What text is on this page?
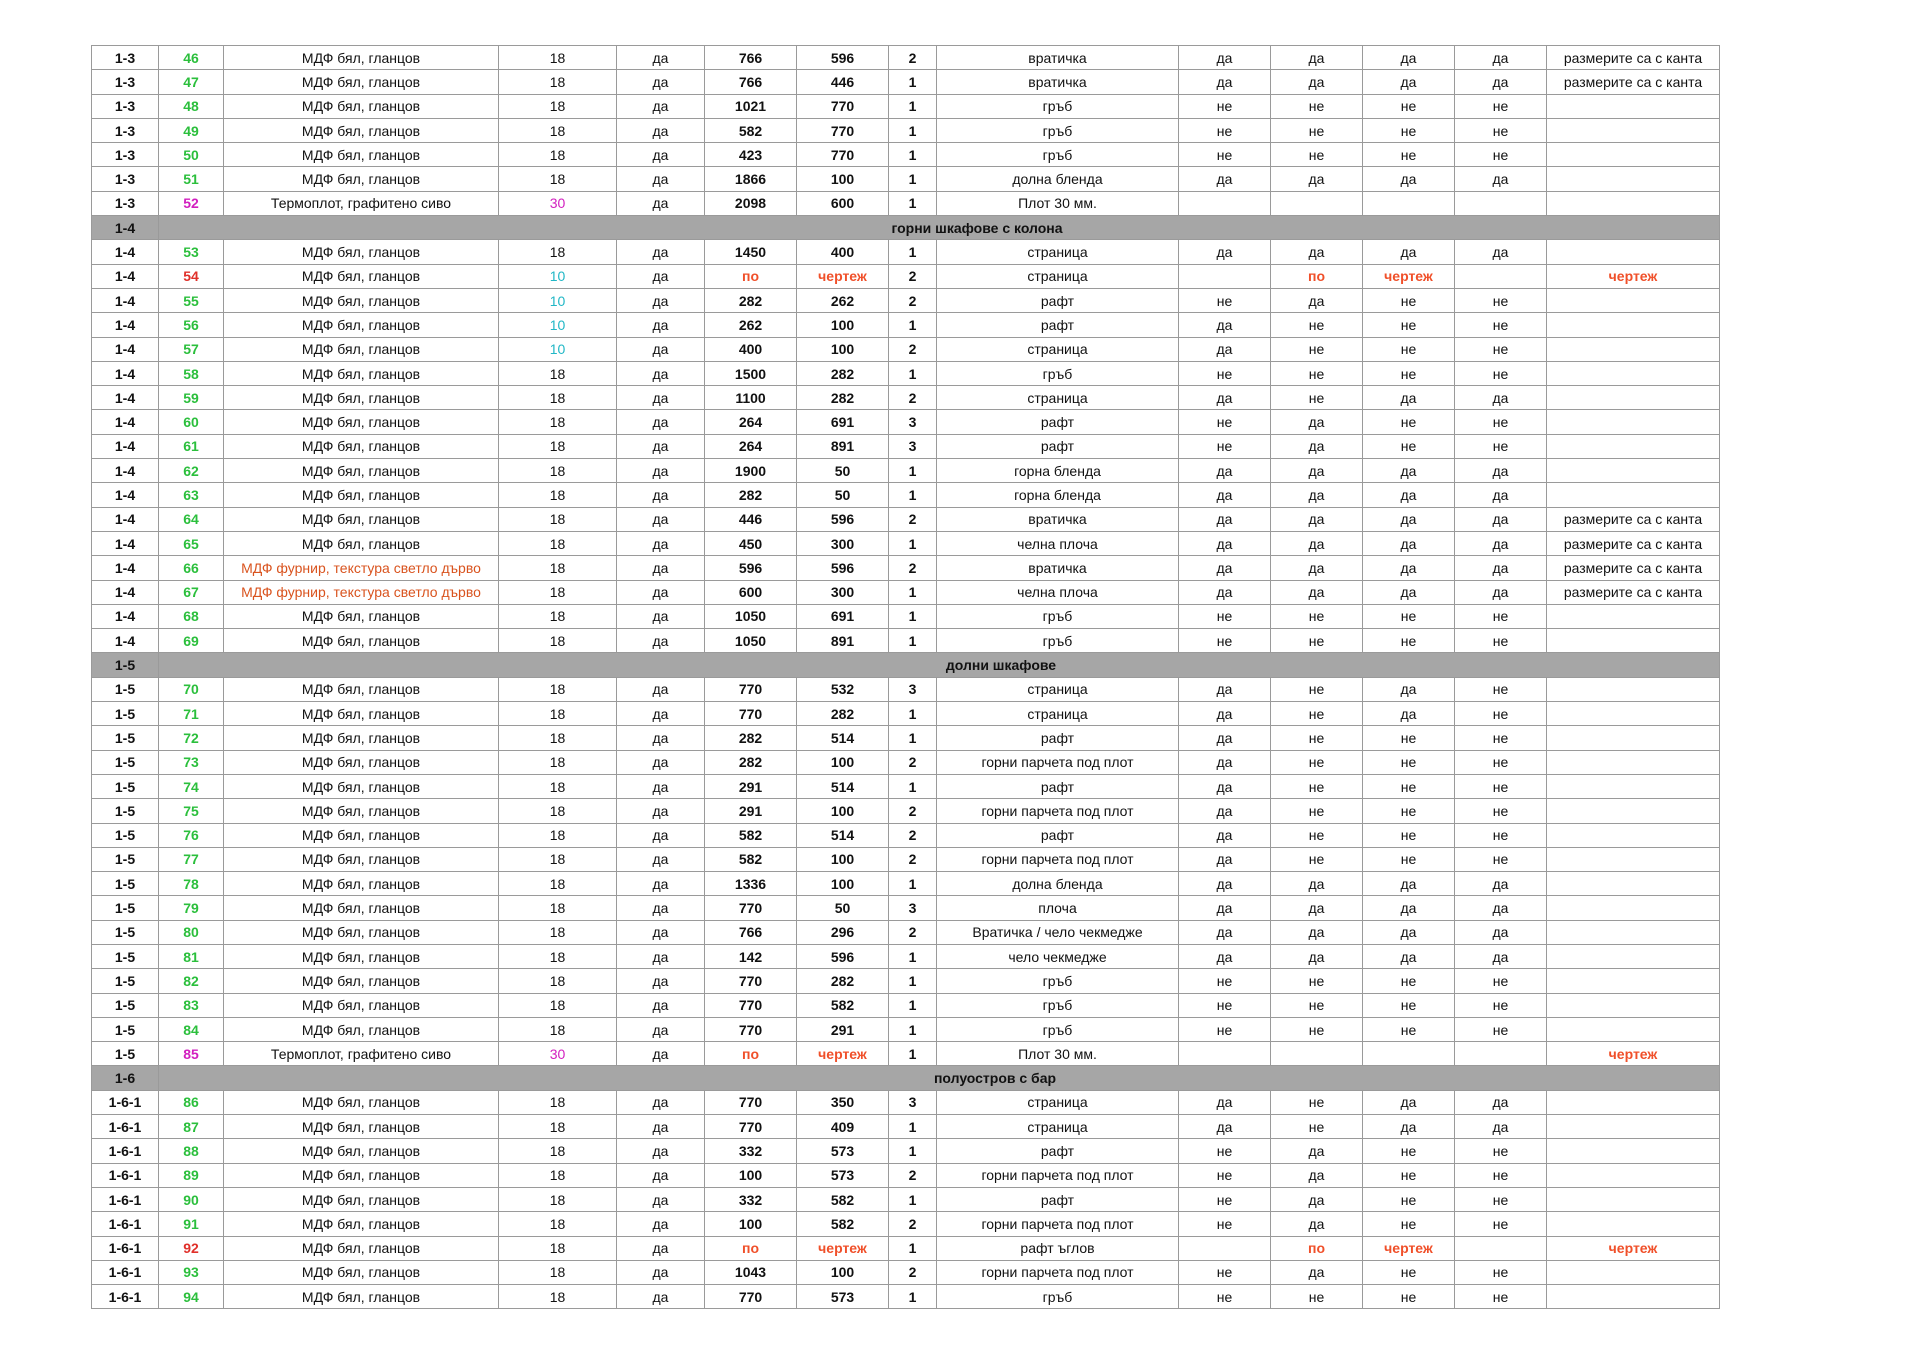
1-3	46	МДФ бял, гланцов	18	да	766	596	2	вратичка	да	да	да	да	размерите са с канта
1-3	47	МДФ бял, гланцов	18	да	766	446	1	вратичка	да	да	да	да	размерите са с канта
1-3	48	МДФ бял, гланцов	18	да	1021	770	1	гръб	не	не	не	не	
1-3	49	МДФ бял, гланцов	18	да	582	770	1	гръб	не	не	не	не	
1-3	50	МДФ бял, гланцов	18	да	423	770	1	гръб	не	не	не	не	
1-3	51	МДФ бял, гланцов	18	да	1866	100	1	долна бленда	да	да	да	да	
1-3	52	Термоплот, графитено сиво	30	да	2098	600	1	Плот 30 мм.					
1-4	горни шкафове с колона												
1-4	53	МДФ бял, гланцов	18	да	1450	400	1	страница	да	да	да	да	
1-4	54	МДФ бял, гланцов	10	да	по	чертеж	2	страница		по	чертеж		чертеж
1-4	55	МДФ бял, гланцов	10	да	282	262	2	рафт	не	да	не	не	
1-4	56	МДФ бял, гланцов	10	да	262	100	1	рафт	да	не	не	не	
1-4	57	МДФ бял, гланцов	10	да	400	100	2	страница	да	не	не	не	
1-4	58	МДФ бял, гланцов	18	да	1500	282	1	гръб	не	не	не	не	
1-4	59	МДФ бял, гланцов	18	да	1100	282	2	страница	да	не	да	да	
1-4	60	МДФ бял, гланцов	18	да	264	691	3	рафт	не	да	не	не	
1-4	61	МДФ бял, гланцов	18	да	264	891	3	рафт	не	да	не	не	
1-4	62	МДФ бял, гланцов	18	да	1900	50	1	горна бленда	да	да	да	да	
1-4	63	МДФ бял, гланцов	18	да	282	50	1	горна бленда	да	да	да	да	
1-4	64	МДФ бял, гланцов	18	да	446	596	2	вратичка	да	да	да	да	размерите са с канта
1-4	65	МДФ бял, гланцов	18	да	450	300	1	челна плоча	да	да	да	да	размерите са с канта
1-4	66	МДФ фурнир, текстура светло дърво	18	да	596	596	2	вратичка	да	да	да	да	размерите са с канта
1-4	67	МДФ фурнир, текстура светло дърво	18	да	600	300	1	челна плоча	да	да	да	да	размерите са с канта
1-4	68	МДФ бял, гланцов	18	да	1050	691	1	гръб	не	не	не	не	
1-4	69	МДФ бял, гланцов	18	да	1050	891	1	гръб	не	не	не	не	
1-5	долни шкафове												
1-5	70	МДФ бял, гланцов	18	да	770	532	3	страница	да	не	да	не	
1-5	71	МДФ бял, гланцов	18	да	770	282	1	страница	да	не	да	не	
1-5	72	МДФ бял, гланцов	18	да	282	514	1	рафт	да	не	не	не	
1-5	73	МДФ бял, гланцов	18	да	282	100	2	горни парчета под плот	да	не	не	не	
1-5	74	МДФ бял, гланцов	18	да	291	514	1	рафт	да	не	не	не	
1-5	75	МДФ бял, гланцов	18	да	291	100	2	горни парчета под плот	да	не	не	не	
1-5	76	МДФ бял, гланцов	18	да	582	514	2	рафт	да	не	не	не	
1-5	77	МДФ бял, гланцов	18	да	582	100	2	горни парчета под плот	да	не	не	не	
1-5	78	МДФ бял, гланцов	18	да	1336	100	1	долна бленда	да	да	да	да	
1-5	79	МДФ бял, гланцов	18	да	770	50	3	плоча	да	да	да	да	
1-5	80	МДФ бял, гланцов	18	да	766	296	2	Вратичка / чело чекмедже	да	да	да	да	
1-5	81	МДФ бял, гланцов	18	да	142	596	1	чело чекмедже	да	да	да	да	
1-5	82	МДФ бял, гланцов	18	да	770	282	1	гръб	не	не	не	не	
1-5	83	МДФ бял, гланцов	18	да	770	582	1	гръб	не	не	не	не	
1-5	84	МДФ бял, гланцов	18	да	770	291	1	гръб	не	не	не	не	
1-5	85	Термоплот, графитено сиво	30	да	по	чертеж	1	Плот 30 мм.					чертеж
1-6	полуостров с бар												
1-6-1	86	МДФ бял, гланцов	18	да	770	350	3	страница	да	не	да	да	
1-6-1	87	МДФ бял, гланцов	18	да	770	409	1	страница	да	не	да	да	
1-6-1	88	МДФ бял, гланцов	18	да	332	573	1	рафт	не	да	не	не	
1-6-1	89	МДФ бял, гланцов	18	да	100	573	2	горни парчета под плот	не	да	не	не	
1-6-1	90	МДФ бял, гланцов	18	да	332	582	1	рафт	не	да	не	не	
1-6-1	91	МДФ бял, гланцов	18	да	100	582	2	горни парчета под плот	не	да	не	не	
1-6-1	92	МДФ бял, гланцов	18	да	по	чертеж	1	рафт ъглов		по	чертеж		чертеж
1-6-1	93	МДФ бял, гланцов	18	да	1043	100	2	горни парчета под плот	не	да	не	не	
1-6-1	94	МДФ бял, гланцов	18	да	770	573	1	гръб	не	не	не	не	
